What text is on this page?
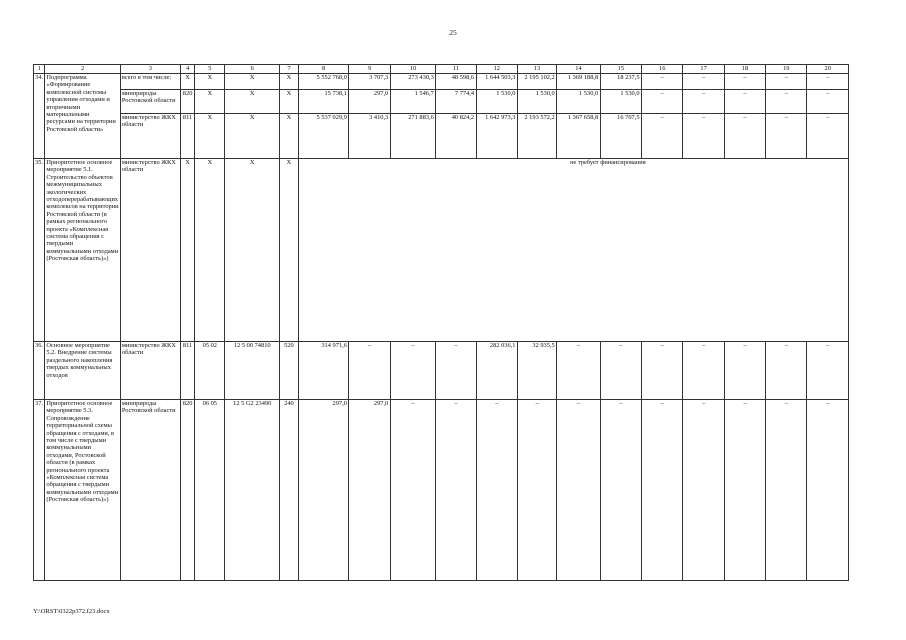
25
1	2	3	4	5	6	7	8	9	10	11	12	13	14	15	16	17	18	19	20
34.	Подпрограмма «Формирование комплексной системы управления отходами и вторичными материальными ресурсами на территории Ростовской области»	всего в том числе:	X	X	X	X	5 552 768,0	3 707,3	273 430,3	48 598,6	1 644 503,3	2 195 102,2	1 369 188,8	18 237,5	–	–	–	–	–
		минприроды Ростовской области	820	X	X	X	15 738,1	297,0	1 546,7	7 774,4	1 530,0	1 530,0	1 530,0	1 530,0	–	–	–	–	–
		министерство ЖКХ области	811	X	X	X	5 537 029,9	3 410,3	271 883,6	40 824,2	1 642 973,3	2 193 572,2	1 367 658,8	16 707,5	–	–	–	–	–
35.	Приоритетное основное мероприятие 5.1. Строительство объектов межмуниципальных экологических отходоперерабатывающих комплексов на территории Ростовской области (в рамках регионального проекта «Комплексная система обращения с твердыми коммунальными отходами (Ростовская область)»)	министерство ЖКХ области	X	X	X	X	не требует финансирования												
36.	Основное мероприятие 5.2. Внедрение системы раздельного накопления твердых коммунальных отходов	министерство ЖКХ области	811	05 02	12 5 00 74810	520	314 971,6	–	–	–	282 036,1	32 935,5	–	–	–	–	–	–	–
37.	Приоритетное основное мероприятие 5.3. Сопровождение территориальной схемы обращения с отходами, в том числе с твердыми коммунальными отходами, Ростовской области (в рамках регионального проекта «Комплексная система обращения с твердыми коммунальными отходами (Ростовская область)»)	минприроды Ростовской области	820	06 05	12 5 G2 23490	240	297,0	297,0	–	–	–	–	–	–	–	–	–	–	–
Y:\ORST\0322p372.f23.docx
